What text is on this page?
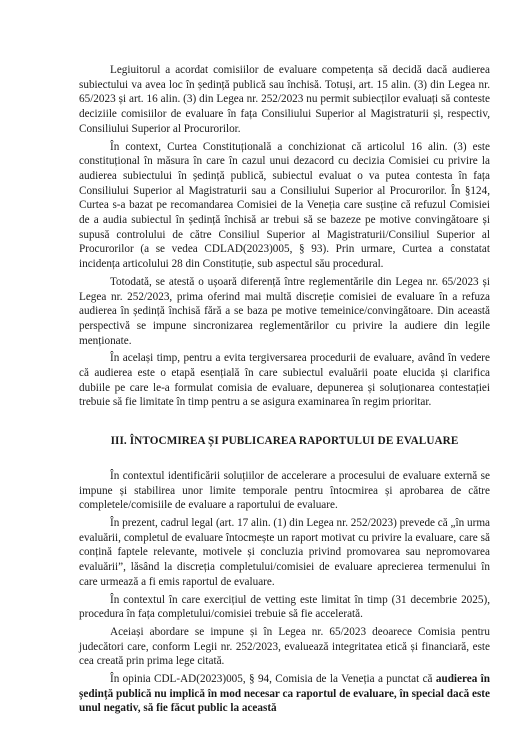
Legiuitorul a acordat comisiilor de evaluare competența să decidă dacă audierea subiectului va avea loc în ședință publică sau închisă. Totuși, art. 15 alin. (3) din Legea nr. 65/2023 și art. 16 alin. (3) din Legea nr. 252/2023 nu permit subiecților evaluați să conteste deciziile comisiilor de evaluare în fața Consiliului Superior al Magistraturii și, respectiv, Consiliului Superior al Procurorilor.

În context, Curtea Constituțională a conchizionat că articolul 16 alin. (3) este constituțional în măsura în care în cazul unui dezacord cu decizia Comisiei cu privire la audierea subiectului în ședință publică, subiectul evaluat o va putea contesta în fața Consiliului Superior al Magistraturii sau a Consiliului Superior al Procurorilor. În §124, Curtea s-a bazat pe recomandarea Comisiei de la Veneția care susține că refuzul Comisiei de a audia subiectul în ședință închisă ar trebui să se bazeze pe motive convingătoare și supusă controlului de către Consiliul Superior al Magistraturii/Consiliul Superior al Procurorilor (a se vedea CDLAD(2023)005, § 93). Prin urmare, Curtea a constatat incidența articolului 28 din Constituție, sub aspectul său procedural.

Totodată, se atestă o ușoară diferență între reglementările din Legea nr. 65/2023 și Legea nr. 252/2023, prima oferind mai multă discreție comisiei de evaluare în a refuza audierea în ședință închisă fără a se baza pe motive temeinice/convingătoare. Din această perspectivă se impune sincronizarea reglementărilor cu privire la audiere din legile menționate.

În același timp, pentru a evita tergiversarea procedurii de evaluare, având în vedere că audierea este o etapă esențială în care subiectul evaluării poate elucida și clarifica dubiile pe care le-a formulat comisia de evaluare, depunerea și soluționarea contestației trebuie să fie limitate în timp pentru a se asigura examinarea în regim prioritar.

III. ÎNTOCMIREA ȘI PUBLICAREA RAPORTULUI DE EVALUARE

În contextul identificării soluțiilor de accelerare a procesului de evaluare externă se impune și stabilirea unor limite temporale pentru întocmirea și aprobarea de către completele/comisiile de evaluare a raportului de evaluare.

În prezent, cadrul legal (art. 17 alin. (1) din Legea nr. 252/2023) prevede că „în urma evaluării, completul de evaluare întocmește un raport motivat cu privire la evaluare, care să conțină faptele relevante, motivele și concluzia privind promovarea sau nepromovarea evaluării”, lăsând la discreția completului/comisiei de evaluare aprecierea termenului în care urmează a fi emis raportul de evaluare.

În contextul în care exercițiul de vetting este limitat în timp (31 decembrie 2025), procedura în fața completului/comisiei trebuie să fie accelerată.

Aceiași abordare se impune și în Legea nr. 65/2023 deoarece Comisia pentru judecători care, conform Legii nr. 252/2023, evaluează integritatea etică și financiară, este cea creată prin prima lege citată.

În opinia CDL-AD(2023)005, § 94, Comisia de la Veneția a punctat că audierea în ședință publică nu implică în mod necesar ca raportul de evaluare, în special dacă este unul negativ, să fie făcut public la această
